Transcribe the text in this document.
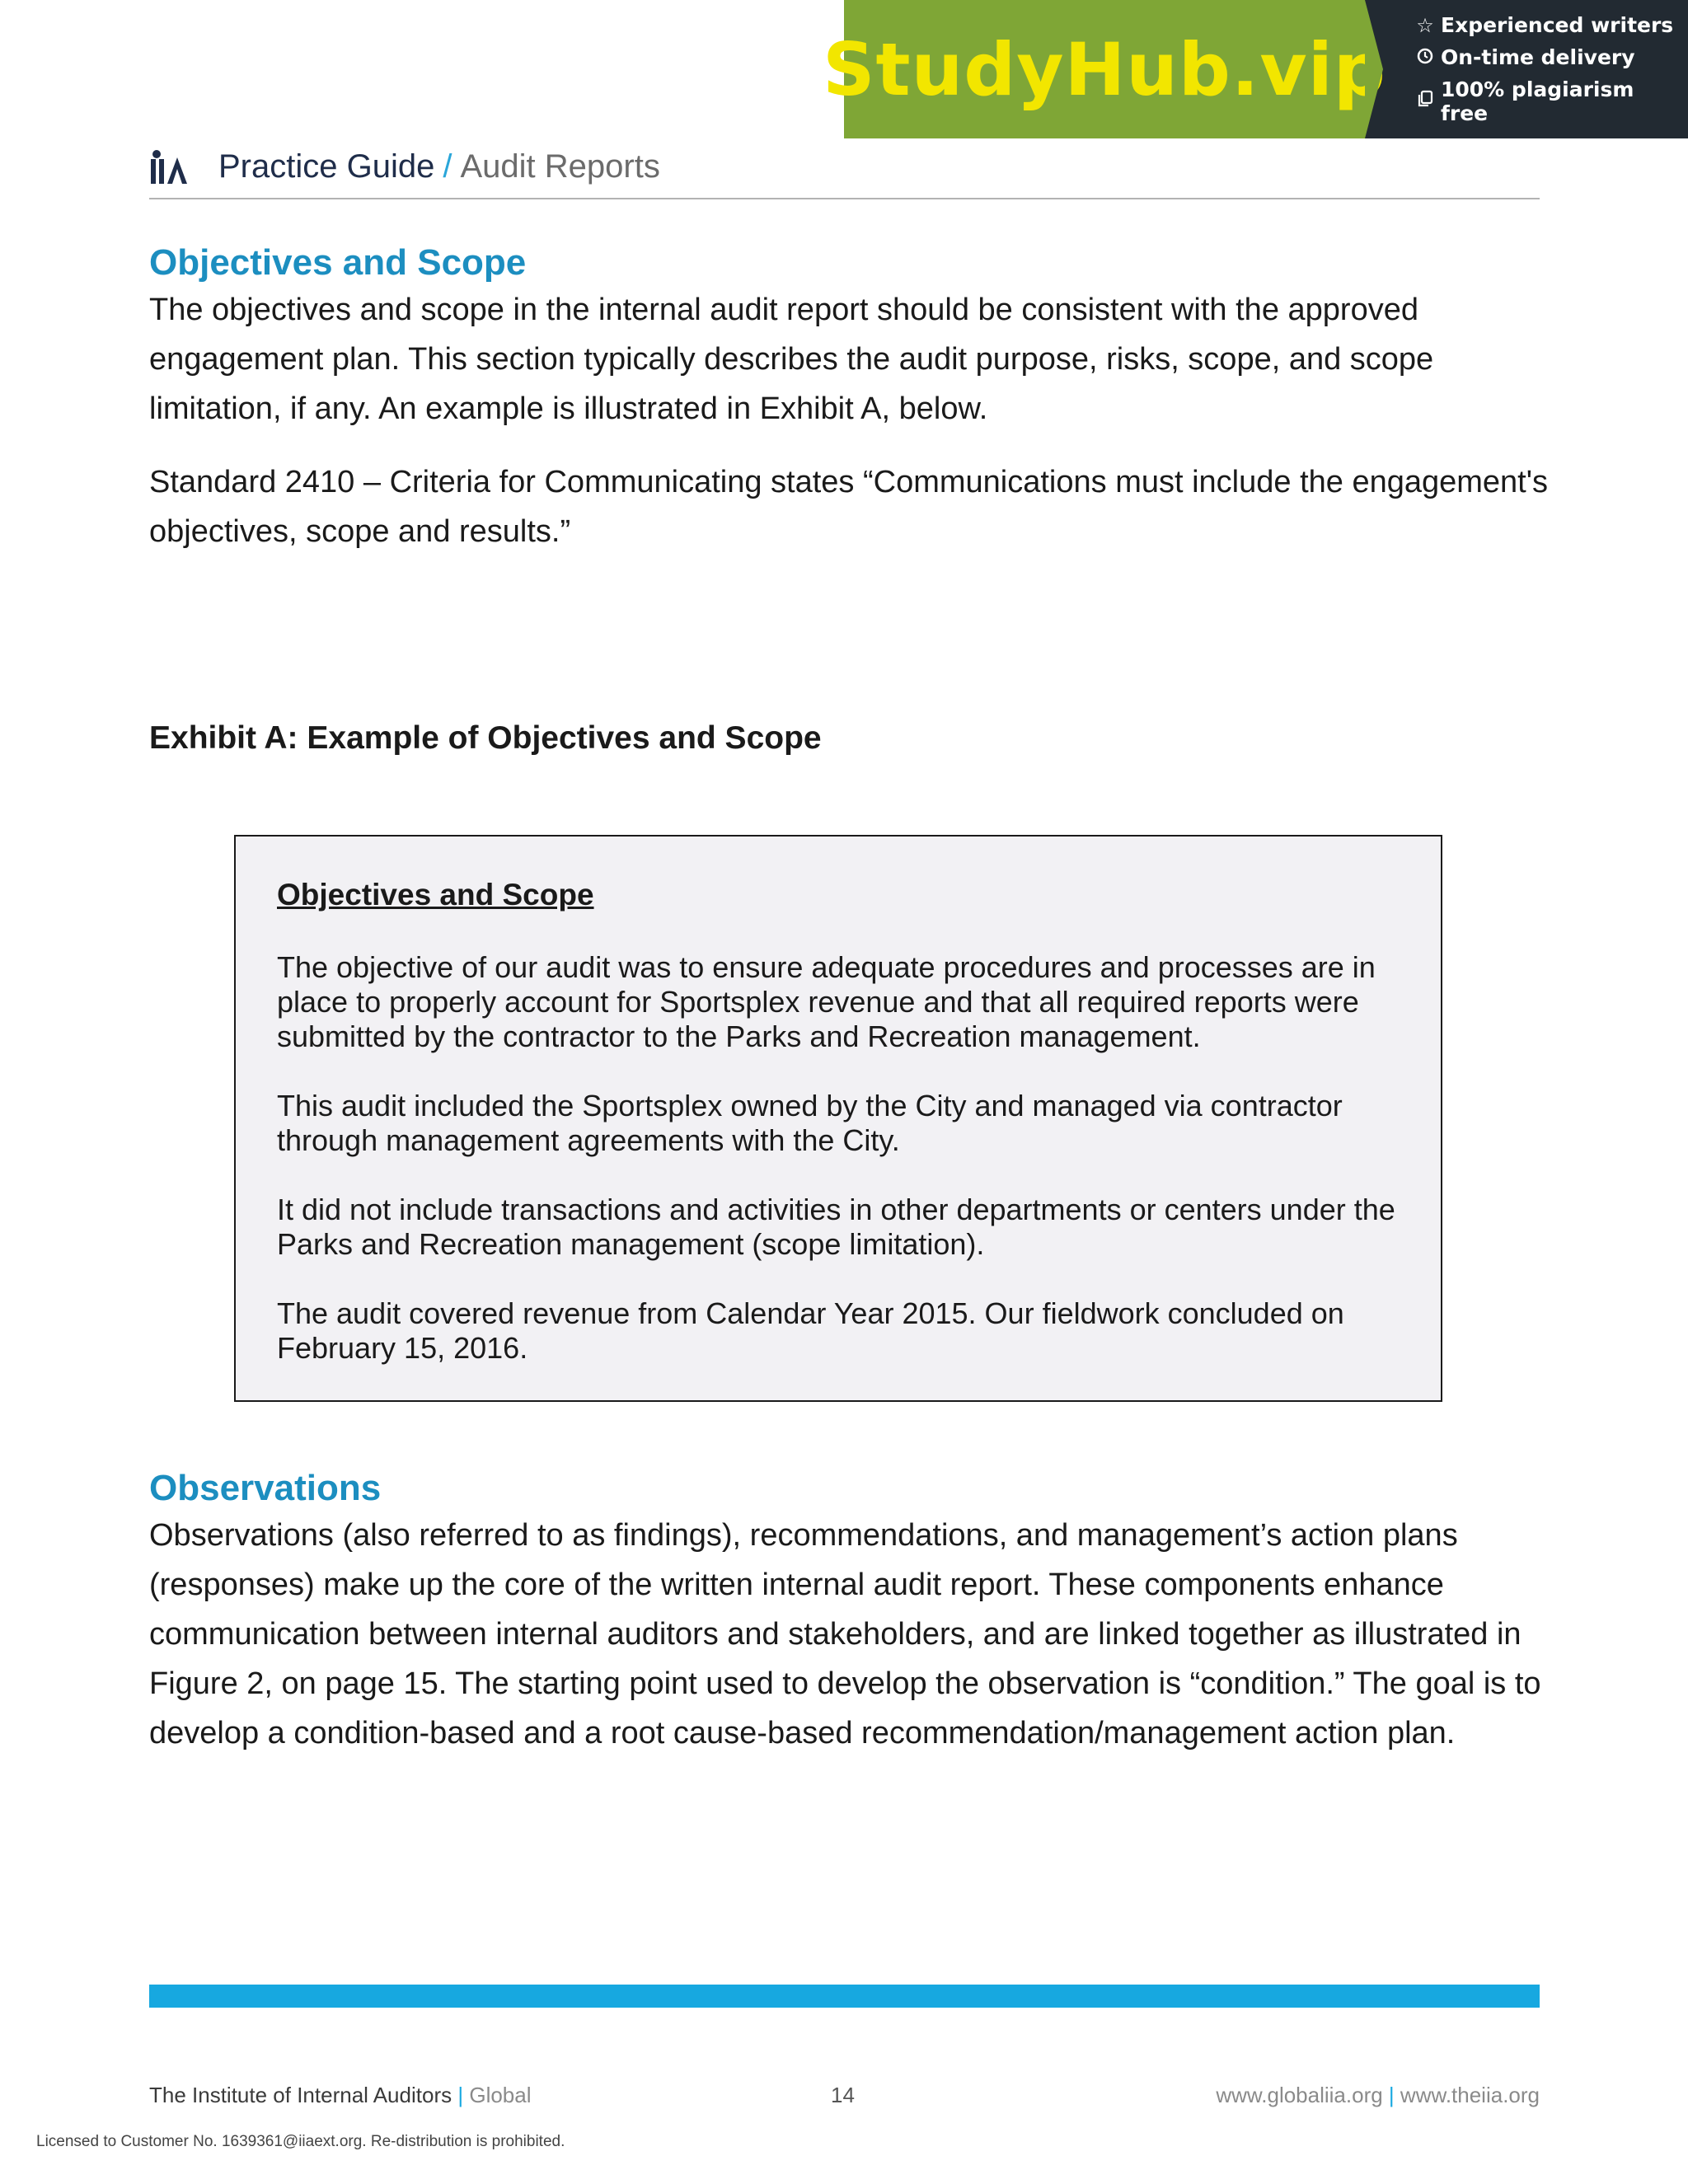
StudyHub.vip
☆ Experienced writers
On-time delivery
100% plagiarism free
Practice Guide / Audit Reports
Objectives and Scope

The objectives and scope in the internal audit report should be consistent with the approved engagement plan. This section typically describes the audit purpose, risks, scope, and scope limitation, if any. An example is illustrated in Exhibit A, below.

Standard 2410 – Criteria for Communicating states “Communications must include the engagement's objectives, scope and results.”

Exhibit A: Example of Objectives and Scope

Objectives and Scope

The objective of our audit was to ensure adequate procedures and processes are in place to properly account for Sportsplex revenue and that all required reports were submitted by the contractor to the Parks and Recreation management.

This audit included the Sportsplex owned by the City and managed via contractor through management agreements with the City.

It did not include transactions and activities in other departments or centers under the Parks and Recreation management (scope limitation).

The audit covered revenue from Calendar Year 2015. Our fieldwork concluded on February 15, 2016.

Observations

Observations (also referred to as findings), recommendations, and management’s action plans (responses) make up the core of the written internal audit report. These components enhance communication between internal auditors and stakeholders, and are linked together as illustrated in Figure 2, on page 15. The starting point used to develop the observation is “condition.” The goal is to develop a condition-based and a root cause-based recommendation/management action plan.

The Institute of Internal Auditors | Global	14	www.globaliia.org | www.theiia.org
Licensed to Customer No. 1639361@iiaext.org. Re-distribution is prohibited.
